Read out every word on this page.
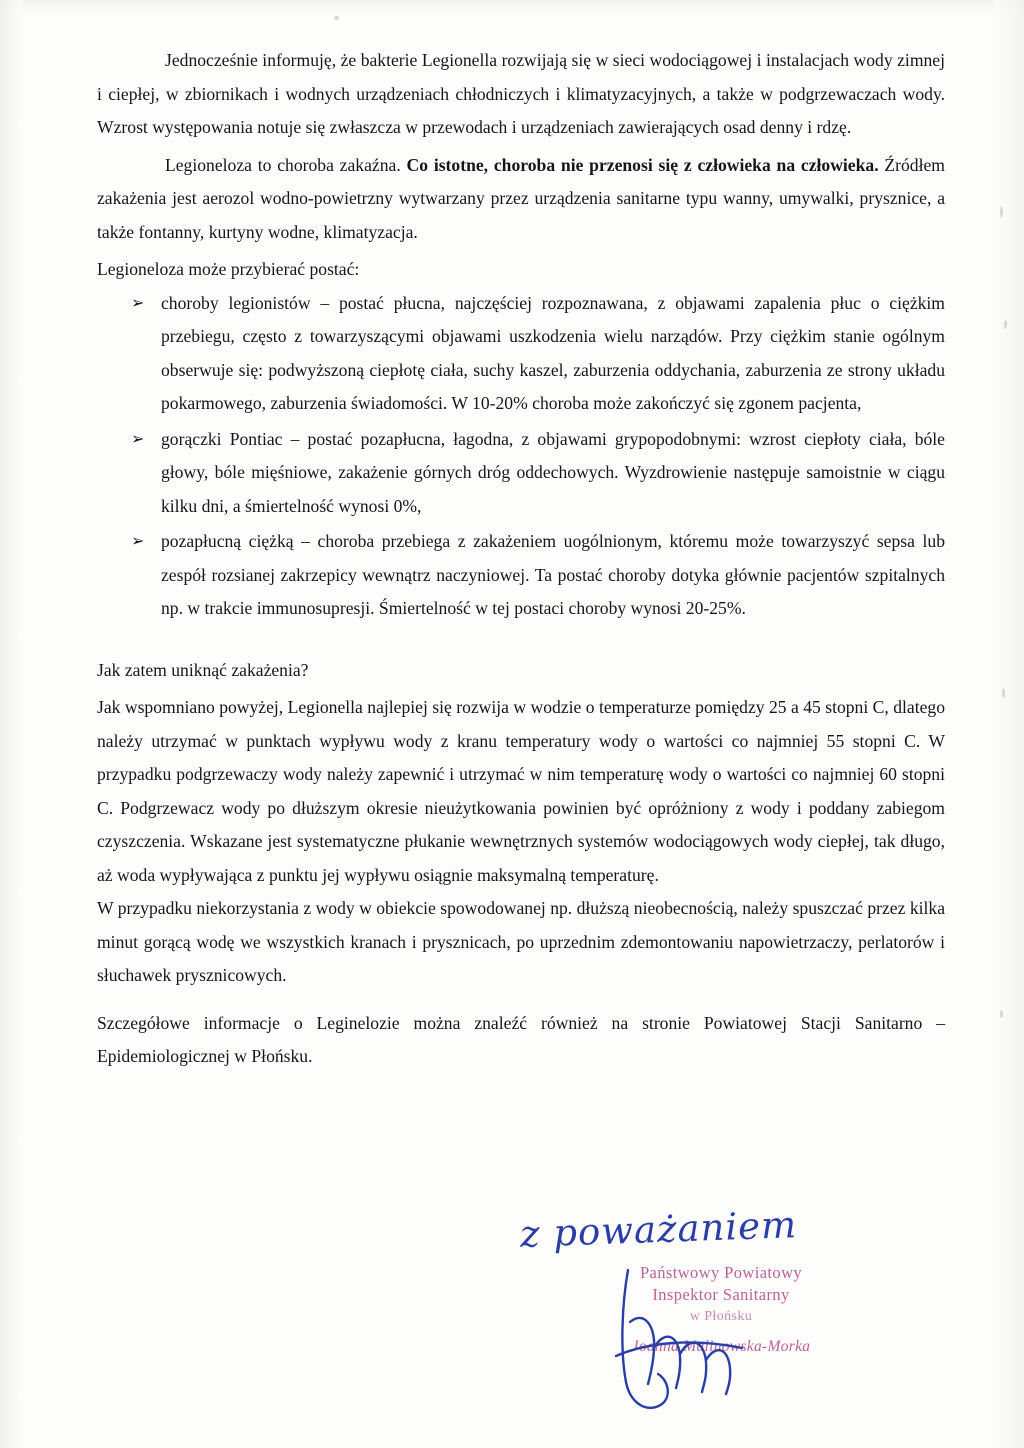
Jednocześnie informuję, że bakterie Legionella rozwijają się w sieci wodociągowej i instalacjach wody zimnej i ciepłej, w zbiornikach i wodnych urządzeniach chłodniczych i klimatyzacyjnych, a także w podgrzewaczach wody. Wzrost występowania notuje się zwłaszcza w przewodach i urządzeniach zawierających osad denny i rdzę.

Legioneloza to choroba zakaźna. Co istotne, choroba nie przenosi się z człowieka na człowieka. Źródłem zakażenia jest aerozol wodno-powietrzny wytwarzany przez urządzenia sanitarne typu wanny, umywalki, prysznice, a także fontanny, kurtyny wodne, klimatyzacja.

Legioneloza może przybierać postać:

➢ choroby legionistów – postać płucna, najczęściej rozpoznawana, z objawami zapalenia płuc o ciężkim przebiegu, często z towarzyszącymi objawami uszkodzenia wielu narządów. Przy ciężkim stanie ogólnym obserwuje się: podwyższoną ciepłotę ciała, suchy kaszel, zaburzenia oddychania, zaburzenia ze strony układu pokarmowego, zaburzenia świadomości. W 10-20% choroba może zakończyć się zgonem pacjenta,
➢ gorączki Pontiac – postać pozapłucna, łagodna, z objawami grypopodobnymi: wzrost ciepłoty ciała, bóle głowy, bóle mięśniowe, zakażenie górnych dróg oddechowych. Wyzdrowienie następuje samoistnie w ciągu kilku dni, a śmiertelność wynosi 0%,
➢ pozapłucną ciężką – choroba przebiega z zakażeniem uogólnionym, któremu może towarzyszyć sepsa lub zespół rozsianej zakrzepicy wewnątrz naczyniowej. Ta postać choroby dotyka głównie pacjentów szpitalnych np. w trakcie immunosupresji. Śmiertelność w tej postaci choroby wynosi 20-25%.

Jak zatem uniknąć zakażenia?

Jak wspomniano powyżej, Legionella najlepiej się rozwija w wodzie o temperaturze pomiędzy 25 a 45 stopni C, dlatego należy utrzymać w punktach wypływu wody z kranu temperatury wody o wartości co najmniej 55 stopni C. W przypadku podgrzewaczy wody należy zapewnić i utrzymać w nim temperaturę wody o wartości co najmniej 60 stopni C. Podgrzewacz wody po dłuższym okresie nieużytkowania powinien być opróżniony z wody i poddany zabiegom czyszczenia. Wskazane jest systematyczne płukanie wewnętrznych systemów wodociągowych wody ciepłej, tak długo, aż woda wypływająca z punktu jej wypływu osiągnie maksymalną temperaturę.

W przypadku niekorzystania z wody w obiekcie spowodowanej np. dłuższą nieobecnością, należy spuszczać przez kilka minut gorącą wodę we wszystkich kranach i prysznicach, po uprzednim zdemontowaniu napowietrzaczy, perlatorów i słuchawek prysznicowych.

Szczegółowe informacje o Leginelozie można znaleźć również na stronie Powiatowej Stacji Sanitarno – Epidemiologicznej w Płońsku.

z poważaniem
Państwowy Powiatowy
Inspektor Sanitarny
w Płońsku
Joanna Malinowska-Morka
